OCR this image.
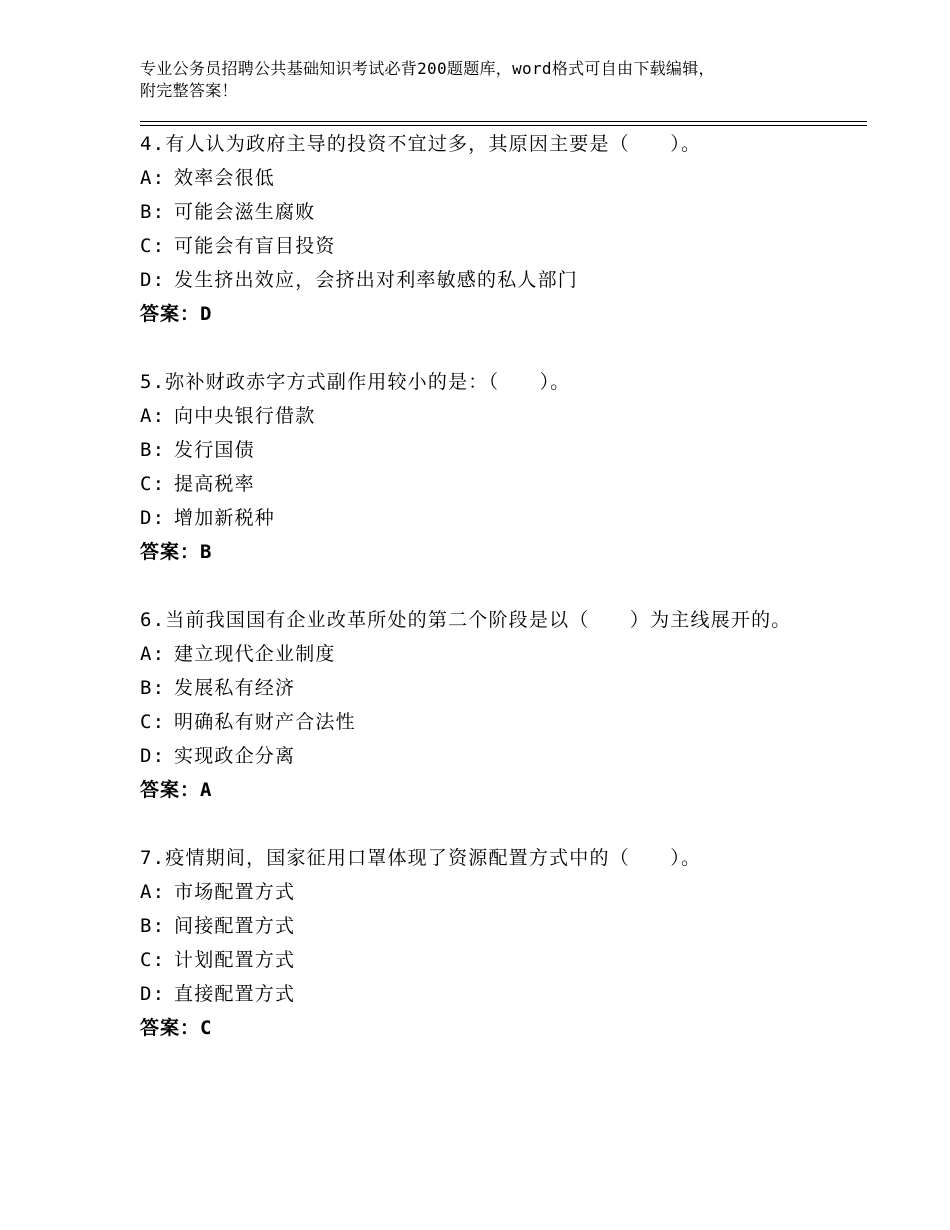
专业公务员招聘公共基础知识考试必背200题题库，word格式可自由下载编辑，
附完整答案！
4.有人认为政府主导的投资不宜过多，其原因主要是（　　）。
A: 效率会很低
B: 可能会滋生腐败
C: 可能会有盲目投资
D: 发生挤出效应，会挤出对利率敏感的私人部门
答案：D
5.弥补财政赤字方式副作用较小的是：（　　）。
A: 向中央银行借款
B: 发行国债
C: 提高税率
D: 增加新税种
答案：B
6.当前我国国有企业改革所处的第二个阶段是以（　　）为主线展开的。
A: 建立现代企业制度
B: 发展私有经济
C: 明确私有财产合法性
D: 实现政企分离
答案：A
7.疫情期间，国家征用口罩体现了资源配置方式中的（　　）。
A: 市场配置方式
B: 间接配置方式
C: 计划配置方式
D: 直接配置方式
答案：C
